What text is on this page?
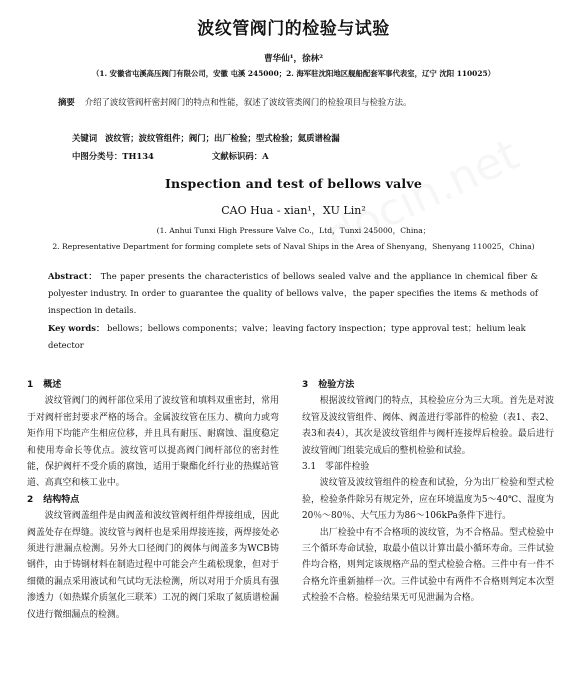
波纹管阀门的检验与试验
曹华仙¹，徐林²
（1. 安徽省屯溪高压阀门有限公司，安徽 屯溪 245000；2. 海军驻沈阳地区舰船配套军事代表室，辽宁 沈阳 110025）
摘要 介绍了波纹管阀杆密封阀门的特点和性能，叙述了波纹管类阀门的检验项目与检验方法。
关键词 波纹管；波纹管组件；阀门；出厂检验；型式检验；氦质谱检漏
中图分类号：TH134	文献标识码：A
Inspection and test of bellows valve
CAO Hua - xian¹，XU Lin²
(1. Anhui Tunxi High Pressure Valve Co.，Ltd，Tunxi 245000，China；
2. Representative Department for forming complete sets of Naval Ships in the Area of Shenyang，Shenyang 110025，China)
Abstract： The paper presents the characteristics of bellows sealed valve and the appliance in chemical fiber & polyester industry. In order to guarantee the quality of bellows valve，the paper specifies the items & methods of inspection in details.
Key words： bellows；bellows components；valve；leaving factory inspection；type approval test；helium leak detector
1 概述

波纹管阀门的阀杆部位采用了波纹管和填料双重密封，常用于对阀杆密封要求严格的场合。金属波纹管在压力、横向力或弯矩作用下均能产生相应位移，并且具有耐压、耐腐蚀、温度稳定和使用寿命长等优点。波纹管可以提高阀门阀杆部位的密封性能，保护阀杆不受介质的腐蚀，适用于聚酯化纤行业的热媒站管道、高真空和核工业中。

2 结构特点

波纹管阀盖组件是由阀盖和波纹管阀杆组件焊接组成，因此阀盖处存在焊缝。波纹管与阀杆也是采用焊接连接，两焊接处必须进行泄漏点检测。另外大口径阀门的阀体与阀盖多为WCB铸钢件，由于铸钢材料在制造过程中可能会产生疏松现象，但对于细微的漏点采用液试和气试均无法检测，所以对用于介质具有强渗透力（如热媒介质氢化三联苯）工况的阀门采取了氦质谱检漏仪进行微细漏点的检测。

3 检验方法

根据波纹管阀门的特点，其检验应分为三大项。首先是对波纹管及波纹管组件、阀体、阀盖进行零部件的检验（表1、表2、表3和表4），其次是波纹管组件与阀杆连接焊后检验。最后进行波纹管阀门组装完成后的整机检验和试验。

3.1　零部件检验

波纹管及波纹管组件的检查和试验，分为出厂检验和型式检验，检验条件除另有规定外，应在环境温度为5～40℃、湿度为20％～80％、大气压力为86～106kPa条件下进行。

出厂检验中有不合格项的波纹管，为不合格品。型式检验中三个循环寿命试验，取最小值以计算出最小循环寿命。三件试验件均合格，则判定该规格产品的型式检验合格。三件中有一件不合格允许重新抽样一次。三件试验中有两件不合格则判定本次型式检验不合格。检验结果无可见泄漏为合格。
